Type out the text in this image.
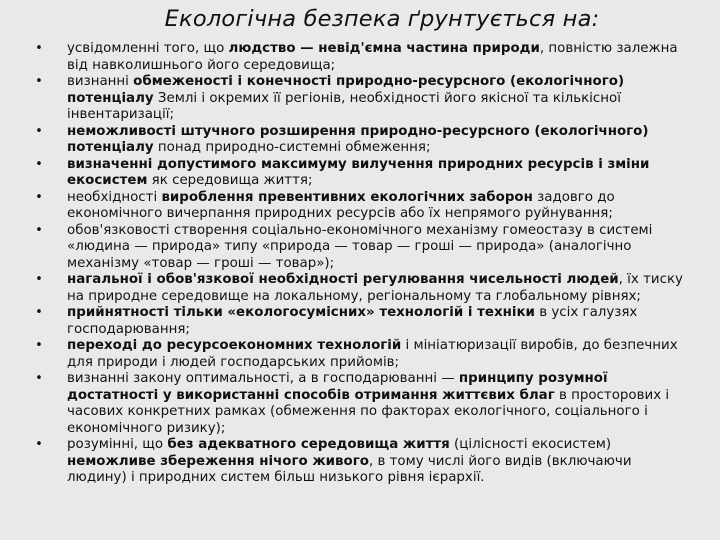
Екологічна безпека ґрунтується на:
• усвідомленні того, що людство — невід'ємна частина природи, повністю залежна від навколишнього його середовища;
• визнанні обмеженості і конечності природно-ресурсного (екологічного) потенціалу Землі і окремих її регіонів, необхідності його якісної та кількісної інвентаризації;
• неможливості штучного розширення природно-ресурсного (екологічного) потенціалу понад природно-системні обмеження;
• визначенні допустимого максимуму вилучення природних ресурсів і зміни екосистем як середовища життя;
• необхідності вироблення превентивних екологічних заборон задовго до економічного вичерпання природних ресурсів або їх непрямого руйнування;
• обов'язковості створення соціально-економічного механізму гомеостазу в системі «людина — природа» типу «природа — товар — гроші — природа» (аналогічно механізму «товар — гроші — товар»);
• нагальної і обов'язкової необхідності регулювання чисельності людей, їх тиску на природне середовище на локальному, регіональному та глобальному рівнях;
• прийнятності тільки «екологосумісних» технологій і техніки в усіх галузях господарювання;
• переході до ресурсоекономних технологій і мініатюризації виробів, до безпечних для природи і людей господарських прийомів;
• визнанні закону оптимальності, а в господарюванні — принципу розумної достатності у використанні способів отримання життєвих благ в просторових і часових конкретних рамках (обмеження по факторах екологічного, соціального і економічного ризику);
• розумінні, що без адекватного середовища життя (цілісності екосистем) неможливе збереження нічого живого, в тому числі його видів (включаючи людину) і природних систем більш низького рівня ієрархії.
